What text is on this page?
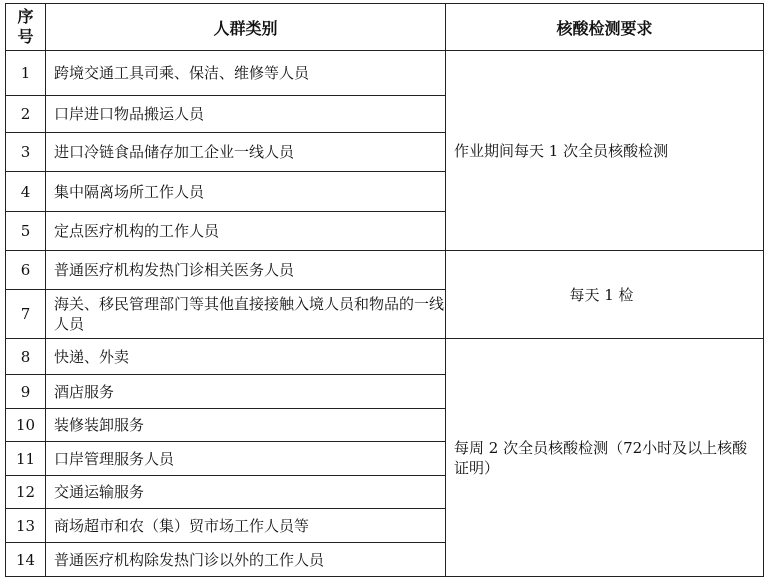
序
号	人群类别	核酸检测要求
1	跨境交通工具司乘、保洁、维修等人员	作业期间每天 1 次全员核酸检测

2	口岸进口物品搬运人员	
3	进口冷链食品储存加工企业一线人员	
4	集中隔离场所工作人员	
5	定点医疗机构的工作人员	
6	普通医疗机构发热门诊相关医务人员	每天 1 检

7	海关、移民管理部门等其他直接接触入境人员和物品的一线人员	
8	快递、外卖	每周 2 次全员核酸检测（72小时及以上核酸证明）

9	酒店服务	
10	装修装卸服务	
11	口岸管理服务人员	
12	交通运输服务	
13	商场超市和农（集）贸市场工作人员等	
14	普通医疗机构除发热门诊以外的工作人员	
